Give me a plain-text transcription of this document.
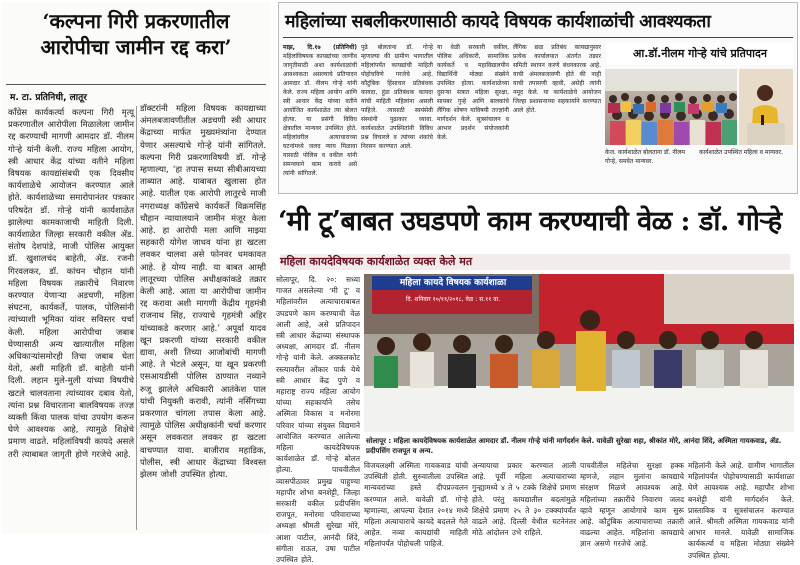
‘कल्पना गिरी प्रकरणातील
आरोपीचा जामीन रद्द करा’
म. टा. प्रतिनिधी, लातूर
काँग्रेस कार्यकर्त्या कल्पना गिरी मृत्यू प्रकरणातील आरोपीला मिळालेला जामीन रद्द करण्याची मागणी आमदार डॉ. नीलम गोऱ्हे यांनी केली. राज्य महिला आयोग, स्त्री आधार केंद्र यांच्या वतीने महिला विषयक कायद्यांसंबधी एक दिवसीय कार्यशाळेचे आयोजन करण्यात आले होते. कार्यशाळेच्या समारोपानंतर पत्रकार परिषदेत डॉ. गोऱ्हे यांनी कार्यशाळेत झालेल्या कामकाजाची माहिती दिली. कार्यशाळेत जिल्हा सरकारी वकील ॲड. संतोष देशपांडे, माजी पोलिस आयुक्त डॉ. खुशालचंद बाहेती, ॲड. रजनी गिरवलकर, डॉ. कांचन चौहान यांनी महिला विषयक तक्रारीचे निवारण करण्यात येणाऱ्या अडचणी, महिला संघटना, कार्यकर्ते, पालक, पोलिसांनी त्यांच्याशी भूमिका यांवर सविस्तर चर्चा केली. महिला आरोपीचा जबाब घेण्यासाठी अन्य खात्यातील महिला अधिकाऱ्यांसमोरही तिचा जबाब घेता येतो, अशी माहिती डॉ. बाहेती यांनी दिली. लहान मुले-मुली यांच्या विषयीचे खटले चालवताना त्यांच्यावर दबाव येतो, त्यांना प्रश्न विचारताना बालविषयक तज्ज्ञ व्यक्ती किंवा पालक यांचा उपयोग करून घेणे आवश्यक आहे, त्यामुळे शिक्षेचे प्रमाण वाढते. महिलांविषयी कायदे असले तरी त्याबाबत जागृती होणे गरजेचे आहे.
डॉक्टरांनी महिला विषयक कायद्याच्या अंमलबजावणीतील अडचणी स्त्री आधार केंद्राच्या मार्फत मुख्यमंत्र्यांना देण्यात येणार असल्याचे गोऱ्हे यांनी सांगितले. कल्पना गिरी प्रकरणाविषयी डॉ. गोऱ्हे म्हणाल्या, ‘हा तपास सध्या सीबीआयच्या ताब्यात आहे. याबाबत खुलासा होत आहे. यातील एक आरोपी लातूरचे माजी नगराध्यक्ष काँग्रेसचे कार्यकर्ते विक्रमसिंह चौहान न्यायालयाने जामीन मंजूर केला आहे. हा आरोपी मला आणि माझ्या सहकारी योगेश जाधव यांना हा खटला लवकर चालवा असे फोनवर धमकावत आहे. हे योग्य नाही. या बाबत आम्ही लातूरच्या पोलिस अधीक्षकांकडे तक्रार केली आहे. आता या आरोपीचा जामीन रद्द करावा अशी मागणी केंद्रीय गृहमंत्री राजनाथ सिंह, राज्याचे गृहमंत्री अहिर यांच्याकडे करणार आहे.’ अपूर्वा यादव खून प्रकरणी यांच्या सरकारी वकील द्यावा, अशी तिच्या आजोबांची मागणी आहे. ते भेटले असून, या खून प्रकरणी एसआयडीसी पोलिस ठाण्यात नव्याने रुजू झालेले अधिकारी आतंकेश पाल यांची नियुक्ती करावी, त्यांनी नर्सिंगच्या प्रकरणात चांगला तपास केला आहे. त्यामुळे पोलिस अधीक्षकांनी चर्चा करणार असून लवकरात लवकर हा खटला वाचण्यात यावा. बाजीराव महाडिक, पोलीस, स्त्री आधार केंद्राच्या विश्वस्त झेलम जोशी उपस्थित होत्या.
महिलांच्या सबलीकरणासाठी कायदे विषयक कार्यशाळांची आवश्यकता
आ.डॉ.नीलम गोऱ्हे यांचे प्रतिपादन
माझ, दि.१७ (प्रतिनिधी) महिलांविषयक कायद्यांच्या जाणीव जागृतीसाठी अशा कार्यशाळांची आवश्यकता असल्याचे प्रतिपादन आमदार डॉ. नीलम गोऱ्हे यांनी केले. राज्य महिला आयोग आणि स्त्री आधार केंद्र यांच्या वतीने आयोजित कार्यशाळेत त्या बोलत होत्या. या प्रसंगी विविध क्षेत्रातील मान्यवर उपस्थित होते. महिलांवरील अत्याचाराच्या घटनांमध्ये जलद न्याय मिळावा यासाठी पोलिस व वकील यांनी समन्वयाने काम करावे असे त्यांनी सांगितले.
पुढे बोलताना डॉ. गोऱ्हे म्हणाल्या की ग्रामीण भागातील महिलांपर्यंत कायद्यांची माहिती पोहोचविणे गरजेचे आहे. कौटुंबिक हिंसाचार प्रतिबंधक कायदा, हुंडा प्रतिबंधक कायदा यांची माहिती महिलांना असली पाहिजे. त्यासाठी स्वयंसेवी संस्थांनी पुढाकार घ्यावा. कार्यशाळेत उपस्थितांनी विविध प्रश्न विचारले व त्यांच्या शंकांचे निरसन करण्यात आले.
या वेळी सरकारी वकील, पोलिस अधिकारी, सामाजिक कार्यकर्ते व महाविद्यालयीन विद्यार्थिनी मोठ्या संख्येने उपस्थित होत्या. कार्यशाळेच्या दुसऱ्या सत्रात महिला सुरक्षा, सायबर गुन्हे आणि बालकांचे लैंगिक शोषण याविषयी तज्ज्ञांनी मार्गदर्शन केले. सूत्रसंचालन व आभार प्रदर्शन संयोजकांनी केले.
लैंगिक छळ प्रतिबंध कायद्यानुसार प्रत्येक कार्यालयात अंतर्गत तक्रार समिती स्थापन करणे बंधनकारक आहे. याची अंमलबजावणी होते की नाही याची तपासणी व्हावी, असेही त्यांनी नमूद केले. या कार्यशाळेचे आयोजन जिल्हा प्रशासनाच्या सहकार्याने करण्यात आले होते.
केज. कार्यशाळेत बोलताना डॉ. नीलम गोऱ्हे, समवेत मान्यवर.
कार्यशाळेत उपस्थित महिला व मान्यवर.
‘मी टू’बाबत उघडपणे काम करण्याची वेळ : डॉ. गोऱ्हे
महिला कायदेविषयक कार्यशाळेत व्यक्त केले मत
सोलापूर, दि. २०: सध्या गाजत असलेल्या ‘मी टू’ व महिलांवरील अत्याचाराबाबत उघडपणे काम करण्याची वेळ आली आहे, असे प्रतिपादन स्त्री आधार केंद्राच्या संस्थापक अध्यक्षा, आमदार डॉ. नीलम गोऱ्हे यांनी केले. अक्कलकोट रस्त्यावरील ओंकार पार्क येथे स्त्री आधार केंद्र पुणे व महाराष्ट्र राज्य महिला आयोग यांच्या सहकार्याने तसेच अस्मिता विकास व मनोरमा परिवार यांच्या संयुक्त विद्यमाने आयोजित करण्यात आलेल्या महिला कायदेविषयक कार्यशाळेत डॉ. गोऱ्हे बोलत होत्या. पाचवीतील व्यासपीठावर प्रमुख पाहुण्या महापौर शोभा बनशेट्टी, जिल्हा सरकारी वकील प्रदीपसिंग राजपूत, मनोरमा परिवाराच्या अध्यक्षा श्रीमती सुरेखा मोरे, आशा पाटील, आनंदी शिंदे, संगीता राऊत, उषा पाटील उपस्थित होते.
महिला कायदे विषयक कार्यशाळा
दि. शनिवार १०/११/२०१८, वेळ : स.११ वा.
सोलापूर : महिला कायदेविषयक कार्यशाळेत आमदार डॉ. नीलम गोऱ्हे यांनी मार्गदर्शन केले. यावेळी सुरेखा शहा, श्रीकांत मोरे, आनंदा शिंदे, अस्मिता गायकवाड, ॲड. प्रदीपसिंग राजपूत व अन्य.
विजयलक्ष्मी अस्मिता गायकवाड यांची उपस्थिती होती. सुरुवातीला उपस्थित मान्यवरांच्या हस्ते दीपप्रज्वलन करण्यात आले. यावेळी डॉ. गोऱ्हे म्हणाल्या, आपल्या देशात २०१४ मध्ये महिला अत्याचाराचे कायदे बदलले गेले आहेत. नव्या कायद्यांची माहिती महिलांपर्यंत पोहोचली पाहिजे.
अन्यायाचा प्रकार करण्यात आली आहे. पूर्वी महिला अत्याचाराच्या गुन्ह्यामध्ये ४ ते ५ टक्के शिक्षेचे प्रमाण होते. परंतु कायद्यातील बदलांमुळे शिक्षेचे प्रमाण २५ ते ३० टक्क्यांपर्यंत वाढले आहे. दिल्ली येथील घटनेनंतर मोठे आंदोलन उभे राहिले.
पाचवीतील महिलेचा सुरक्षा हक्क म्हणजे, लहान मुलांना कायद्याचे संरक्षण मिळणे आवश्यक आहे. महिलांच्या तक्रारींचे निवारण जलद व्हावे म्हणून आयोगाचे काम सुरू आहे. कौटुंबिक अत्याचाराच्या तक्रारी वाढल्या आहेत. महिलांना कायद्याचे ज्ञान असणे गरजेचे आहे.
महिलांनी केले आहे. ग्रामीण भागातील महिलांपर्यंत पोहोचण्यासाठी कार्यशाळा घेणे आवश्यक आहे. महापौर शोभा बनशेट्टी यांनी मार्गदर्शन केले. प्रास्ताविक व सूत्रसंचालन करण्यात आले. श्रीमती अस्मिता गायकवाड यांनी आभार मानले. यावेळी सामाजिक कार्यकर्त्या व महिला मोठ्या संख्येने उपस्थित होत्या.
